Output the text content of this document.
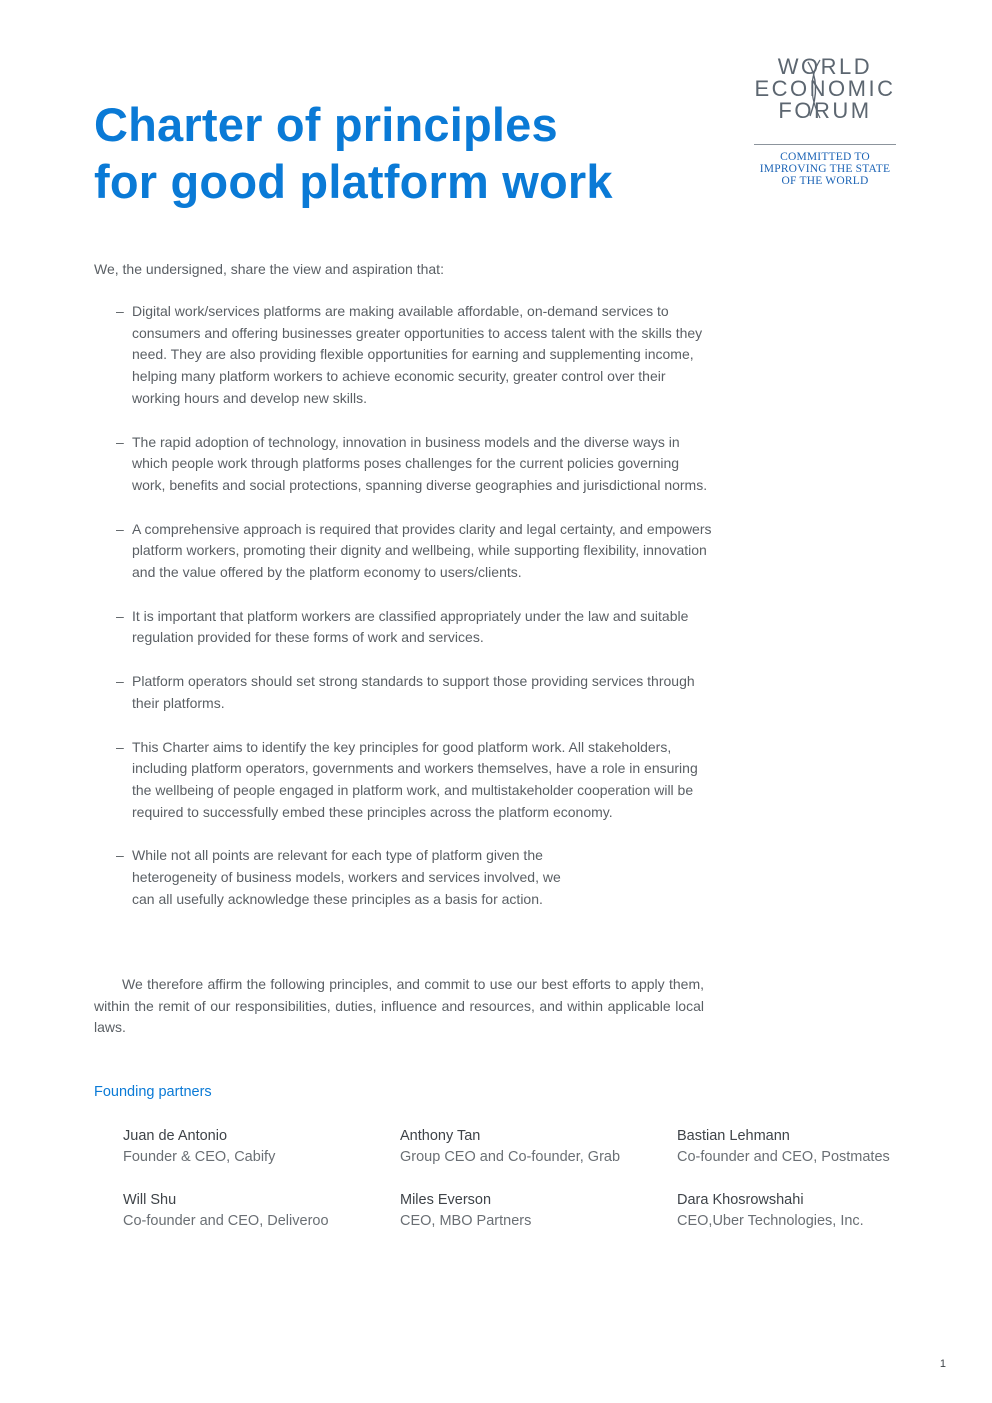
Charter of principles
for good platform work
WORLD
ECONOMIC
FORUM
COMMITTED TO
IMPROVING THE STATE
OF THE WORLD

We, the undersigned, share the view and aspiration that:

– Digital work/services platforms are making available affordable, on-demand services to consumers and offering businesses greater opportunities to access talent with the skills they need. They are also providing flexible opportunities for earning and supplementing income, helping many platform workers to achieve economic security, greater control over their working hours and develop new skills.
– The rapid adoption of technology, innovation in business models and the diverse ways in which people work through platforms poses challenges for the current policies governing work, benefits and social protections, spanning diverse geographies and jurisdictional norms.
– A comprehensive approach is required that provides clarity and legal certainty, and empowers platform workers, promoting their dignity and wellbeing, while supporting flexibility, innovation and the value offered by the platform economy to users/clients.
– It is important that platform workers are classified appropriately under the law and suitable regulation provided for these forms of work and services.
– Platform operators should set strong standards to support those providing services through their platforms.
– This Charter aims to identify the key principles for good platform work. All stakeholders, including platform operators, governments and workers themselves, have a role in ensuring the wellbeing of people engaged in platform work, and multistakeholder cooperation will be required to successfully embed these principles across the platform economy.
– While not all points are relevant for each type of platform given the heterogeneity of business models, workers and services involved, we can all usefully acknowledge these principles as a basis for action.

We therefore affirm the following principles, and commit to use our best efforts to apply them, within the remit of our responsibilities, duties, influence and resources, and within applicable local laws.

Founding partners
Juan de Antonio
Founder & CEO, Cabify
Anthony Tan
Group CEO and Co-founder, Grab
Bastian Lehmann
Co-founder and CEO, Postmates
Will Shu
Co-founder and CEO, Deliveroo
Miles Everson
CEO, MBO Partners
Dara Khosrowshahi
CEO,Uber Technologies, Inc.
1
